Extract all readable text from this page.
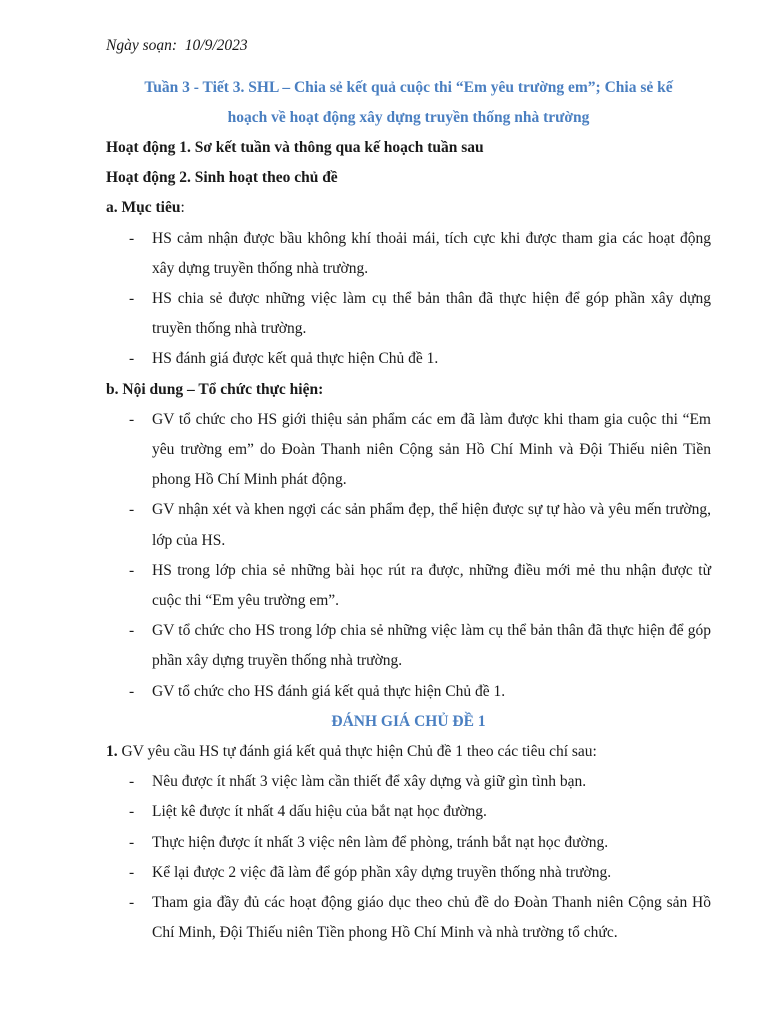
Ngày soạn: 10/9/2023

Tuần 3 - Tiết 3. SHL – Chia sẻ kết quả cuộc thi “Em yêu trường em”; Chia sẻ kế
hoạch về hoạt động xây dựng truyền thống nhà trường

Hoạt động 1. Sơ kết tuần và thông qua kế hoạch tuần sau

Hoạt động 2. Sinh hoạt theo chủ đề

a. Mục tiêu:

- HS cảm nhận được bầu không khí thoải mái, tích cực khi được tham gia các hoạt động xây dựng truyền thống nhà trường.
- HS chia sẻ được những việc làm cụ thể bản thân đã thực hiện để góp phần xây dựng truyền thống nhà trường.
- HS đánh giá được kết quả thực hiện Chủ đề 1.

b. Nội dung – Tổ chức thực hiện:

- GV tổ chức cho HS giới thiệu sản phẩm các em đã làm được khi tham gia cuộc thi “Em yêu trường em” do Đoàn Thanh niên Cộng sản Hồ Chí Minh và Đội Thiếu niên Tiền phong Hồ Chí Minh phát động.
- GV nhận xét và khen ngợi các sản phẩm đẹp, thể hiện được sự tự hào và yêu mến trường, lớp của HS.
- HS trong lớp chia sẻ những bài học rút ra được, những điều mới mẻ thu nhận được từ cuộc thi “Em yêu trường em”.
- GV tổ chức cho HS trong lớp chia sẻ những việc làm cụ thể bản thân đã thực hiện để góp phần xây dựng truyền thống nhà trường.
- GV tổ chức cho HS đánh giá kết quả thực hiện Chủ đề 1.

ĐÁNH GIÁ CHỦ ĐỀ 1

1. GV yêu cầu HS tự đánh giá kết quả thực hiện Chủ đề 1 theo các tiêu chí sau:

- Nêu được ít nhất 3 việc làm cần thiết để xây dựng và giữ gìn tình bạn.
- Liệt kê được ít nhất 4 dấu hiệu của bắt nạt học đường.
- Thực hiện được ít nhất 3 việc nên làm để phòng, tránh bắt nạt học đường.
- Kể lại được 2 việc đã làm để góp phần xây dựng truyền thống nhà trường.
- Tham gia đầy đủ các hoạt động giáo dục theo chủ đề do Đoàn Thanh niên Cộng sản Hồ Chí Minh, Đội Thiếu niên Tiền phong Hồ Chí Minh và nhà trường tổ chức.
